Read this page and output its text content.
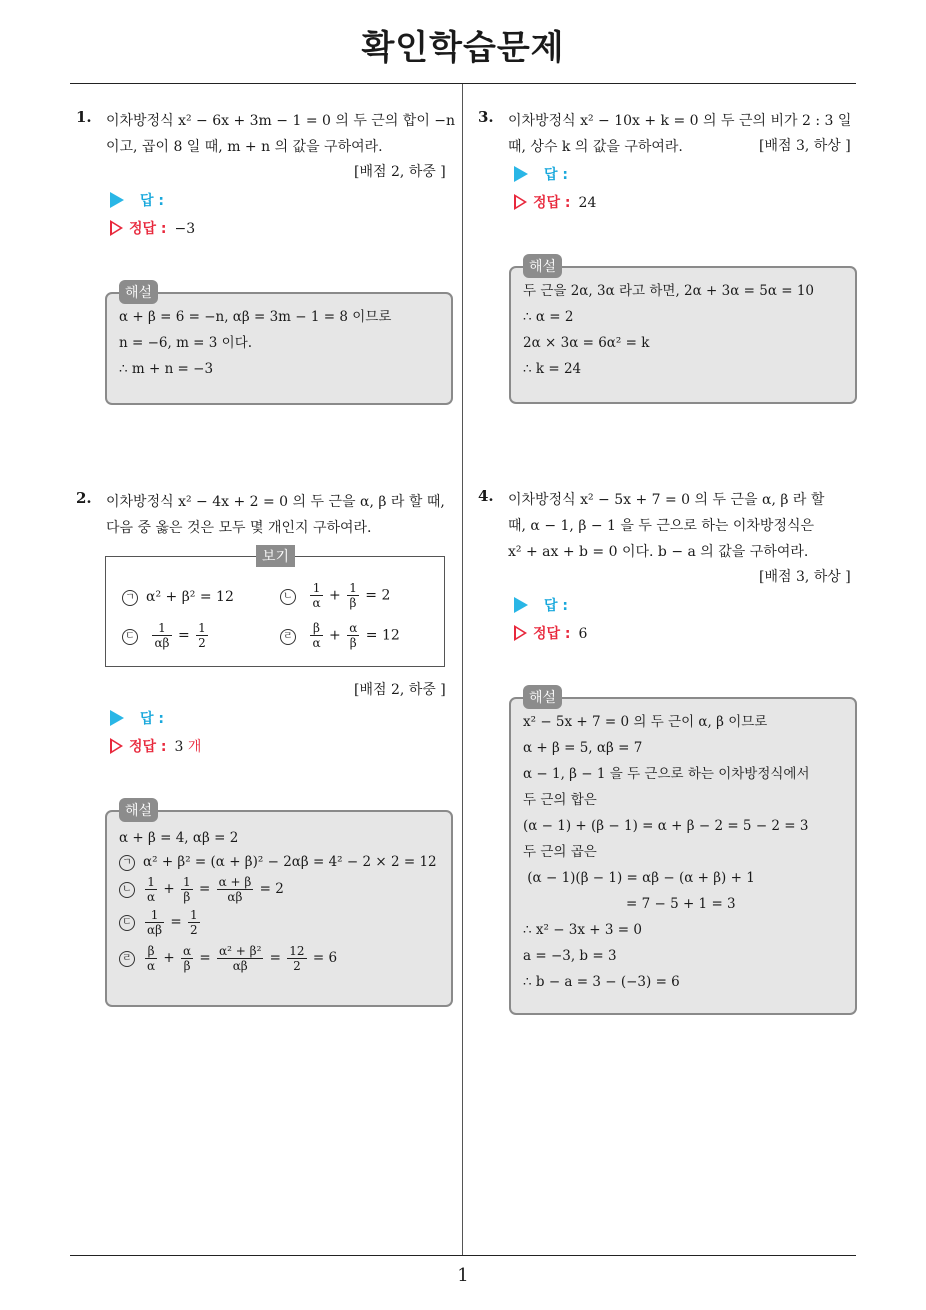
확인학습문제
1
1. 이차방정식 x² − 6x + 3m − 1 = 0 의 두 근의 합이 −n
이고, 곱이 8 일 때, m + n 의 값을 구하여라.
[배점 2, 하중 ]
답 :
정답 : −3
해설
α + β = 6 = −n, αβ = 3m − 1 = 8 이므로
n = −6, m = 3 이다.
∴ m + n = −3
2. 이차방정식 x² − 4x + 2 = 0 의 두 근을 α, β 라 할 때,
다음 중 옳은 것은 모두 몇 개인지 구하여라.
보기
ㄱ α² + β² = 12	ㄴ $\frac{1}{\alpha} + \frac{1}{\beta} = 2$
ㄷ $\frac{1}{\alpha\beta} = \frac{1}{2}$	ㄹ $\frac{\beta}{\alpha} + \frac{\alpha}{\beta} = 12$
[배점 2, 하중 ]
답 :
정답 : 3 개
해설
α + β = 4, αβ = 2
ㄱ α² + β² = (α + β)² − 2αβ = 4² − 2 × 2 = 12
ㄴ $\frac{1}{\alpha} + \frac{1}{\beta} = \frac{\alpha + \beta}{\alpha\beta} = 2$
ㄷ $\frac{1}{\alpha\beta} = \frac{1}{2}$
ㄹ $\frac{\beta}{\alpha} + \frac{\alpha}{\beta} = \frac{\text{α² + β²}}{\alpha\beta} = \frac{12}{2} = 6$
3. 이차방정식 x² − 10x + k = 0 의 두 근의 비가 2 : 3 일
때, 상수 k 의 값을 구하여라.	[배점 3, 하상 ]
답 :
정답 : 24
해설
두 근을 2α, 3α 라고 하면, 2α + 3α = 5α = 10
∴ α = 2
2α × 3α = 6α² = k
∴ k = 24
4. 이차방정식 x² − 5x + 7 = 0 의 두 근을 α, β 라 할
때, α − 1, β − 1 을 두 근으로 하는 이차방정식은
x² + ax + b = 0 이다. b − a 의 값을 구하여라.
[배점 3, 하상 ]
답 :
정답 : 6
해설
x² − 5x + 7 = 0 의 두 근이 α, β 이므로
α + β = 5, αβ = 7
α − 1, β − 1 을 두 근으로 하는 이차방정식에서
두 근의 합은
(α − 1) + (β − 1) = α + β − 2 = 5 − 2 = 3
두 근의 곱은
(α − 1)(β − 1) = αβ − (α + β) + 1
= 7 − 5 + 1 = 3
∴ x² − 3x + 3 = 0
a = −3, b = 3
∴ b − a = 3 − (−3) = 6
